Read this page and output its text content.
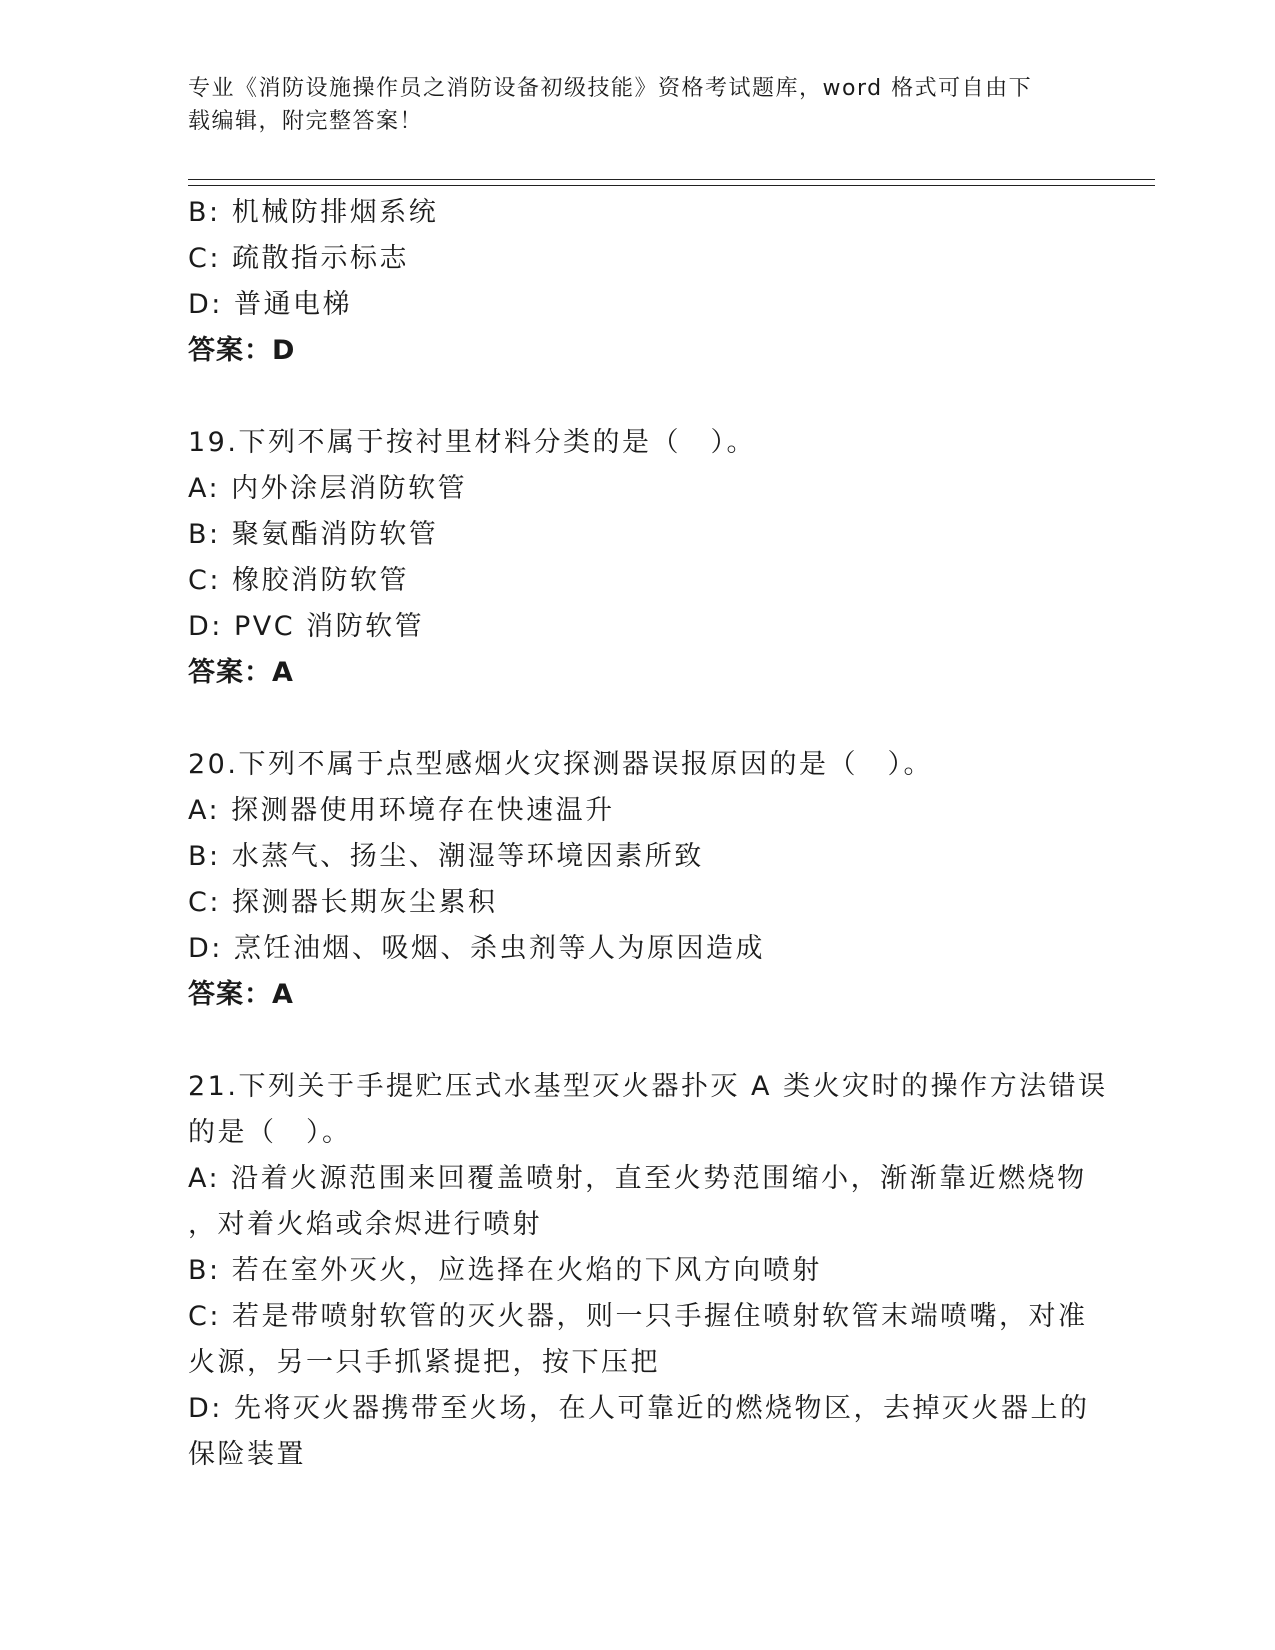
专业《消防设施操作员之消防设备初级技能》资格考试题库，word 格式可自由下
载编辑，附完整答案！
B: 机械防排烟系统
C: 疏散指示标志
D: 普通电梯
答案：D
19.下列不属于按衬里材料分类的是（　）。
A: 内外涂层消防软管
B: 聚氨酯消防软管
C: 橡胶消防软管
D: PVC 消防软管
答案：A
20.下列不属于点型感烟火灾探测器误报原因的是（　）。
A: 探测器使用环境存在快速温升
B: 水蒸气、扬尘、潮湿等环境因素所致
C: 探测器长期灰尘累积
D: 烹饪油烟、吸烟、杀虫剂等人为原因造成
答案：A
21.下列关于手提贮压式水基型灭火器扑灭 A 类火灾时的操作方法错误
的是（　）。
A: 沿着火源范围来回覆盖喷射，直至火势范围缩小，渐渐靠近燃烧物
，对着火焰或余烬进行喷射
B: 若在室外灭火，应选择在火焰的下风方向喷射
C: 若是带喷射软管的灭火器，则一只手握住喷射软管末端喷嘴，对准
火源，另一只手抓紧提把，按下压把
D: 先将灭火器携带至火场，在人可靠近的燃烧物区，去掉灭火器上的
保险装置
